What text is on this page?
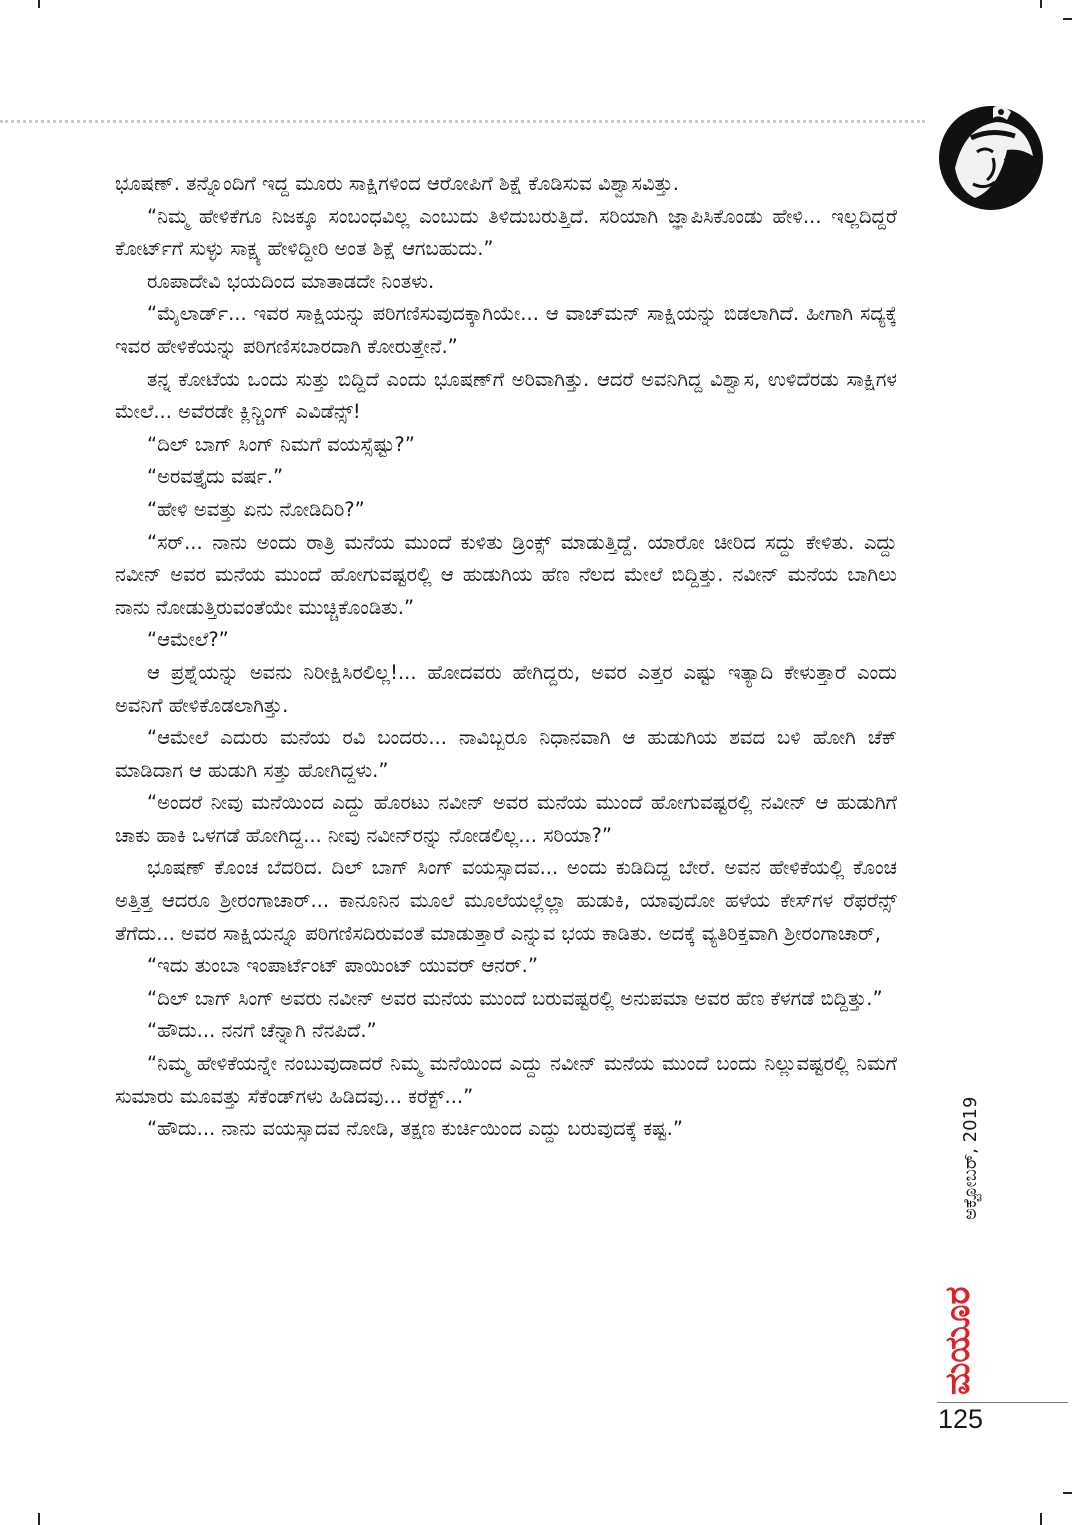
ಭೂಷಣ್. ತನ್ನೊಂದಿಗೆ ಇದ್ದ ಮೂರು ಸಾಕ್ಷಿಗಳಿಂದ ಆರೋಪಿಗೆ ಶಿಕ್ಷೆ ಕೊಡಿಸುವ ವಿಶ್ವಾಸವಿತ್ತು.

“ನಿಮ್ಮ ಹೇಳಿಕೆಗೂ ನಿಜಕ್ಕೂ ಸಂಬಂಧವಿಲ್ಲ ಎಂಬುದು ತಿಳಿದುಬರುತ್ತಿದೆ. ಸರಿಯಾಗಿ ಜ್ಞಾಪಿಸಿಕೊಂಡು ಹೇಳಿ... ಇಲ್ಲದಿದ್ದರೆ ಕೋರ್ಟ್‌ಗೆ ಸುಳ್ಳು ಸಾಕ್ಷ್ಯ ಹೇಳಿದ್ದೀರಿ ಅಂತ ಶಿಕ್ಷೆ ಆಗಬಹುದು.”

ರೂಪಾದೇವಿ ಭಯದಿಂದ ಮಾತಾಡದೇ ನಿಂತಳು.

“ಮೈಲಾರ್ಡ್... ಇವರ ಸಾಕ್ಷಿಯನ್ನು ಪರಿಗಣಿಸುವುದಕ್ಕಾಗಿಯೇ... ಆ ವಾಚ್‌ಮನ್ ಸಾಕ್ಷಿಯನ್ನು ಬಿಡಲಾಗಿದೆ. ಹೀಗಾಗಿ ಸದ್ಯಕ್ಕೆ ಇವರ ಹೇಳಿಕೆಯನ್ನು ಪರಿಗಣಿಸಬಾರದಾಗಿ ಕೋರುತ್ತೇನೆ.”

ತನ್ನ ಕೋಟೆಯ ಒಂದು ಸುತ್ತು ಬಿದ್ದಿದೆ ಎಂದು ಭೂಷಣ್‌ಗೆ ಅರಿವಾಗಿತ್ತು. ಆದರೆ ಅವನಿಗಿದ್ದ ವಿಶ್ವಾಸ, ಉಳಿದೆರಡು ಸಾಕ್ಷಿಗಳ ಮೇಲೆ... ಅವೆರಡೇ ಕ್ಲಿನ್ಚಿಂಗ್ ಎವಿಡೆನ್ಸ್!

“ದಿಲ್ ಬಾಗ್ ಸಿಂಗ್ ನಿಮಗೆ ವಯಸ್ಸೆಷ್ಟು?”

“ಅರವತ್ತೈದು ವರ್ಷ.”

“ಹೇಳಿ ಅವತ್ತು ಏನು ನೋಡಿದಿರಿ?”

“ಸರ್... ನಾನು ಅಂದು ರಾತ್ರಿ ಮನೆಯ ಮುಂದೆ ಕುಳಿತು ಡ್ರಿಂಕ್ಸ್ ಮಾಡುತ್ತಿದ್ದೆ. ಯಾರೋ ಚೀರಿದ ಸದ್ದು ಕೇಳಿತು. ಎದ್ದು ನವೀನ್ ಅವರ ಮನೆಯ ಮುಂದೆ ಹೋಗುವಷ್ಟರಲ್ಲಿ ಆ ಹುಡುಗಿಯ ಹೆಣ ನೆಲದ ಮೇಲೆ ಬಿದ್ದಿತ್ತು. ನವೀನ್ ಮನೆಯ ಬಾಗಿಲು ನಾನು ನೋಡುತ್ತಿರುವಂತೆಯೇ ಮುಚ್ಚಿಕೊಂಡಿತು.”

“ಆಮೇಲೆ?”

ಆ ಪ್ರಶ್ನೆಯನ್ನು ಅವನು ನಿರೀಕ್ಷಿಸಿರಲಿಲ್ಲ!... ಹೋದವರು ಹೇಗಿದ್ದರು, ಅವರ ಎತ್ತರ ಎಷ್ಟು ಇತ್ಯಾದಿ ಕೇಳುತ್ತಾರೆ ಎಂದು ಅವನಿಗೆ ಹೇಳಿಕೊಡಲಾಗಿತ್ತು.

“ಆಮೇಲೆ ಎದುರು ಮನೆಯ ರವಿ ಬಂದರು... ನಾವಿಬ್ಬರೂ ನಿಧಾನವಾಗಿ ಆ ಹುಡುಗಿಯ ಶವದ ಬಳಿ ಹೋಗಿ ಚೆಕ್ ಮಾಡಿದಾಗ ಆ ಹುಡುಗಿ ಸತ್ತು ಹೋಗಿದ್ದಳು.”

“ಅಂದರೆ ನೀವು ಮನೆಯಿಂದ ಎದ್ದು ಹೊರಟು ನವೀನ್ ಅವರ ಮನೆಯ ಮುಂದೆ ಹೋಗುವಷ್ಟರಲ್ಲಿ ನವೀನ್ ಆ ಹುಡುಗಿಗೆ ಚಾಕು ಹಾಕಿ ಒಳಗಡೆ ಹೋಗಿದ್ದ... ನೀವು ನವೀನ್‌ರನ್ನು ನೋಡಲಿಲ್ಲ... ಸರಿಯಾ?”

ಭೂಷಣ್ ಕೊಂಚ ಬೆದರಿದ. ದಿಲ್ ಬಾಗ್ ಸಿಂಗ್ ವಯಸ್ಸಾದವ... ಅಂದು ಕುಡಿದಿದ್ದ ಬೇರೆ. ಅವನ ಹೇಳಿಕೆಯಲ್ಲಿ ಕೊಂಚ ಅತ್ತಿತ್ತ ಆದರೂ ಶ್ರೀರಂಗಾಚಾರ್... ಕಾನೂನಿನ ಮೂಲೆ ಮೂಲೆಯಲ್ಲೆಲ್ಲಾ ಹುಡುಕಿ, ಯಾವುದೋ ಹಳೆಯ ಕೇಸ್‌ಗಳ ರೆಫರೆನ್ಸ್ ತೆಗೆದು... ಅವರ ಸಾಕ್ಷಿಯನ್ನೂ ಪರಿಗಣಿಸದಿರುವಂತೆ ಮಾಡುತ್ತಾರೆ ಎನ್ನುವ ಭಯ ಕಾಡಿತು. ಅದಕ್ಕೆ ವ್ಯತಿರಿಕ್ತವಾಗಿ ಶ್ರೀರಂಗಾಚಾರ್,

“ಇದು ತುಂಬಾ ಇಂಪಾರ್ಟೆಂಟ್ ಪಾಯಿಂಟ್ ಯುವರ್ ಆನರ್.”

“ದಿಲ್ ಬಾಗ್ ಸಿಂಗ್ ಅವರು ನವೀನ್ ಅವರ ಮನೆಯ ಮುಂದೆ ಬರುವಷ್ಟರಲ್ಲಿ ಅನುಪಮಾ ಅವರ ಹೆಣ ಕೆಳಗಡೆ ಬಿದ್ದಿತ್ತು.”

“ಹೌದು... ನನಗೆ ಚೆನ್ನಾಗಿ ನೆನಪಿದೆ.”

“ನಿಮ್ಮ ಹೇಳಿಕೆಯನ್ನೇ ನಂಬುವುದಾದರೆ ನಿಮ್ಮ ಮನೆಯಿಂದ ಎದ್ದು ನವೀನ್ ಮನೆಯ ಮುಂದೆ ಬಂದು ನಿಲ್ಲುವಷ್ಟರಲ್ಲಿ ನಿಮಗೆ ಸುಮಾರು ಮೂವತ್ತು ಸೆಕೆಂಡ್‌ಗಳು ಹಿಡಿದವು... ಕರೆಕ್ಟ್...”

“ಹೌದು... ನಾನು ವಯಸ್ಸಾದವ ನೋಡಿ, ತಕ್ಷಣ ಕುರ್ಚಿಯಿಂದ ಎದ್ದು ಬರುವುದಕ್ಕೆ ಕಷ್ಟ.”	ಅಕ್ಟೋಬರ್, 2019
ಮಯೂರ
125
